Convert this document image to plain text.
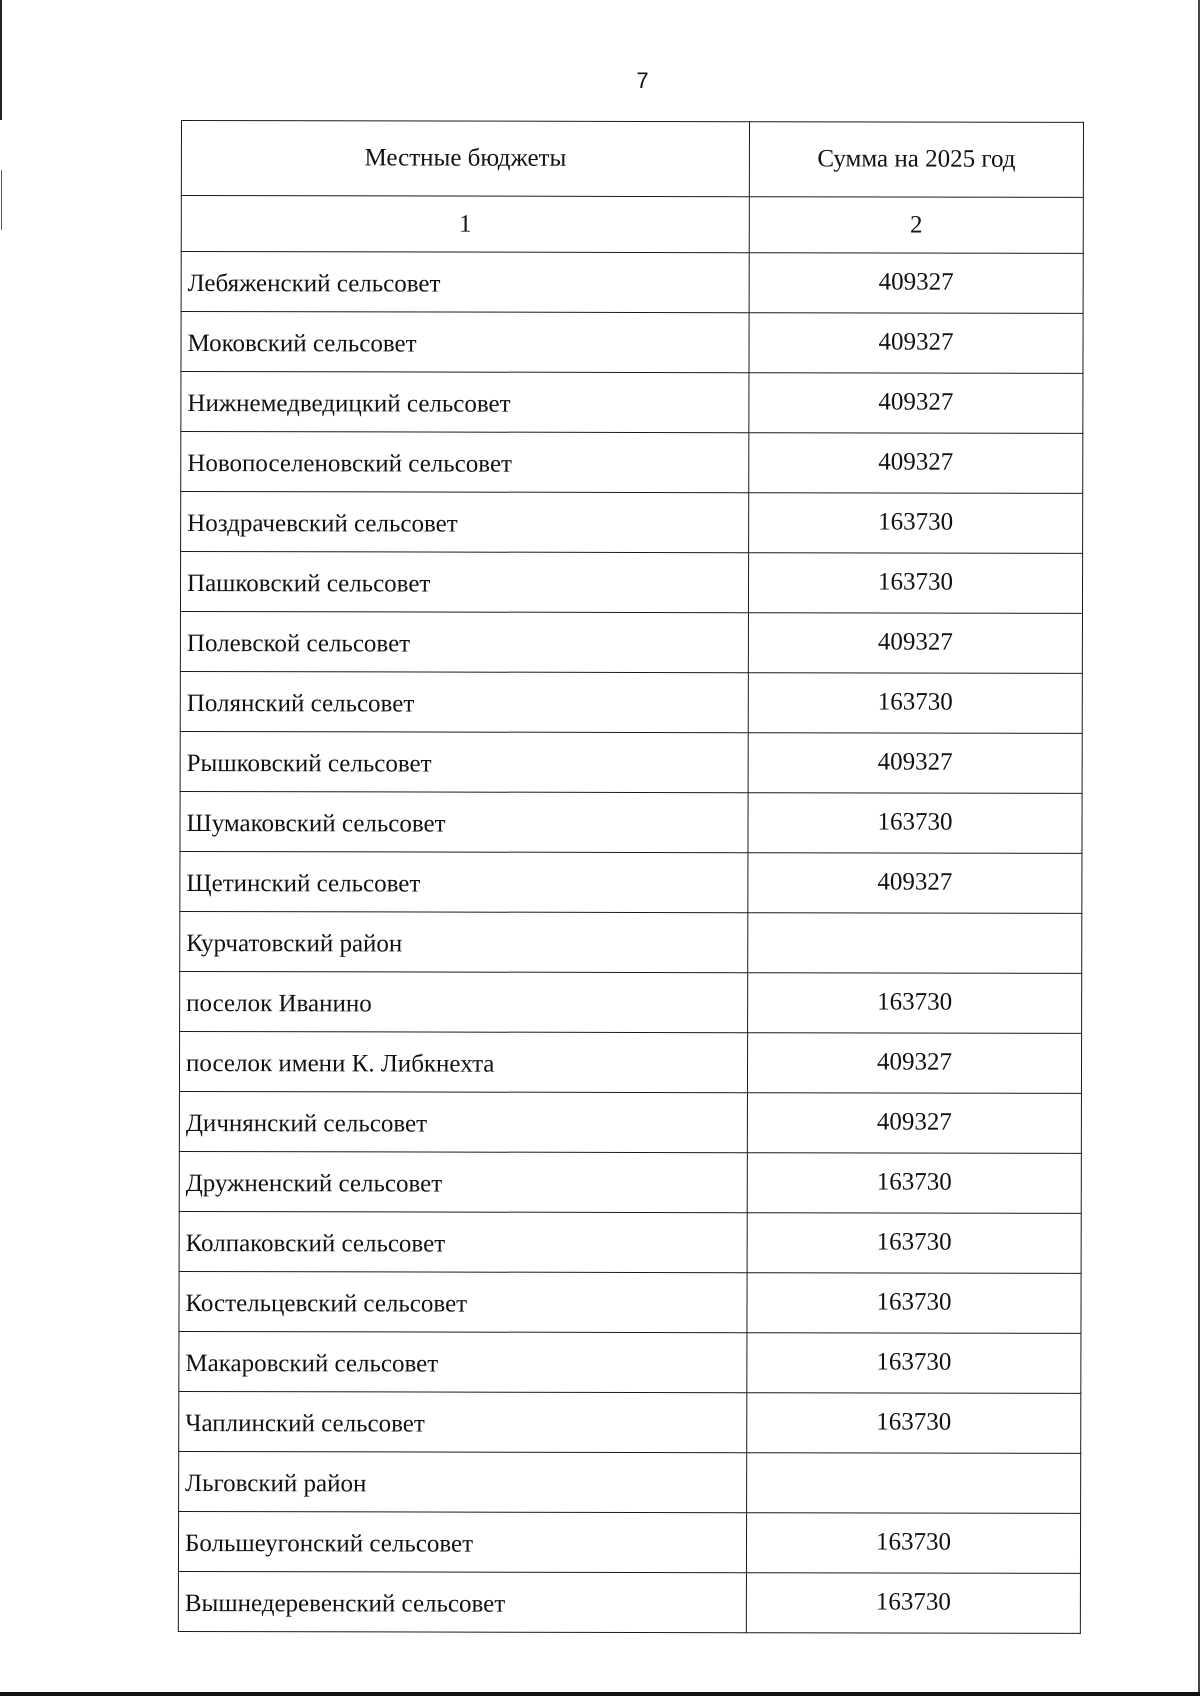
7
Местные бюджеты	Сумма на 2025 год
1	2
Лебяженский сельсовет	409327
Моковский сельсовет	409327
Нижнемедведицкий сельсовет	409327
Новопоселеновский сельсовет	409327
Ноздрачевский сельсовет	163730
Пашковский сельсовет	163730
Полевской сельсовет	409327
Полянский сельсовет	163730
Рышковский сельсовет	409327
Шумаковский сельсовет	163730
Щетинский сельсовет	409327
Курчатовский район	
поселок Иванино	163730
поселок имени К. Либкнехта	409327
Дичнянский сельсовет	409327
Дружненский сельсовет	163730
Колпаковский сельсовет	163730
Костельцевский сельсовет	163730
Макаровский сельсовет	163730
Чаплинский сельсовет	163730
Льговский район	
Большеугонский сельсовет	163730
Вышнедеревенский сельсовет	163730
